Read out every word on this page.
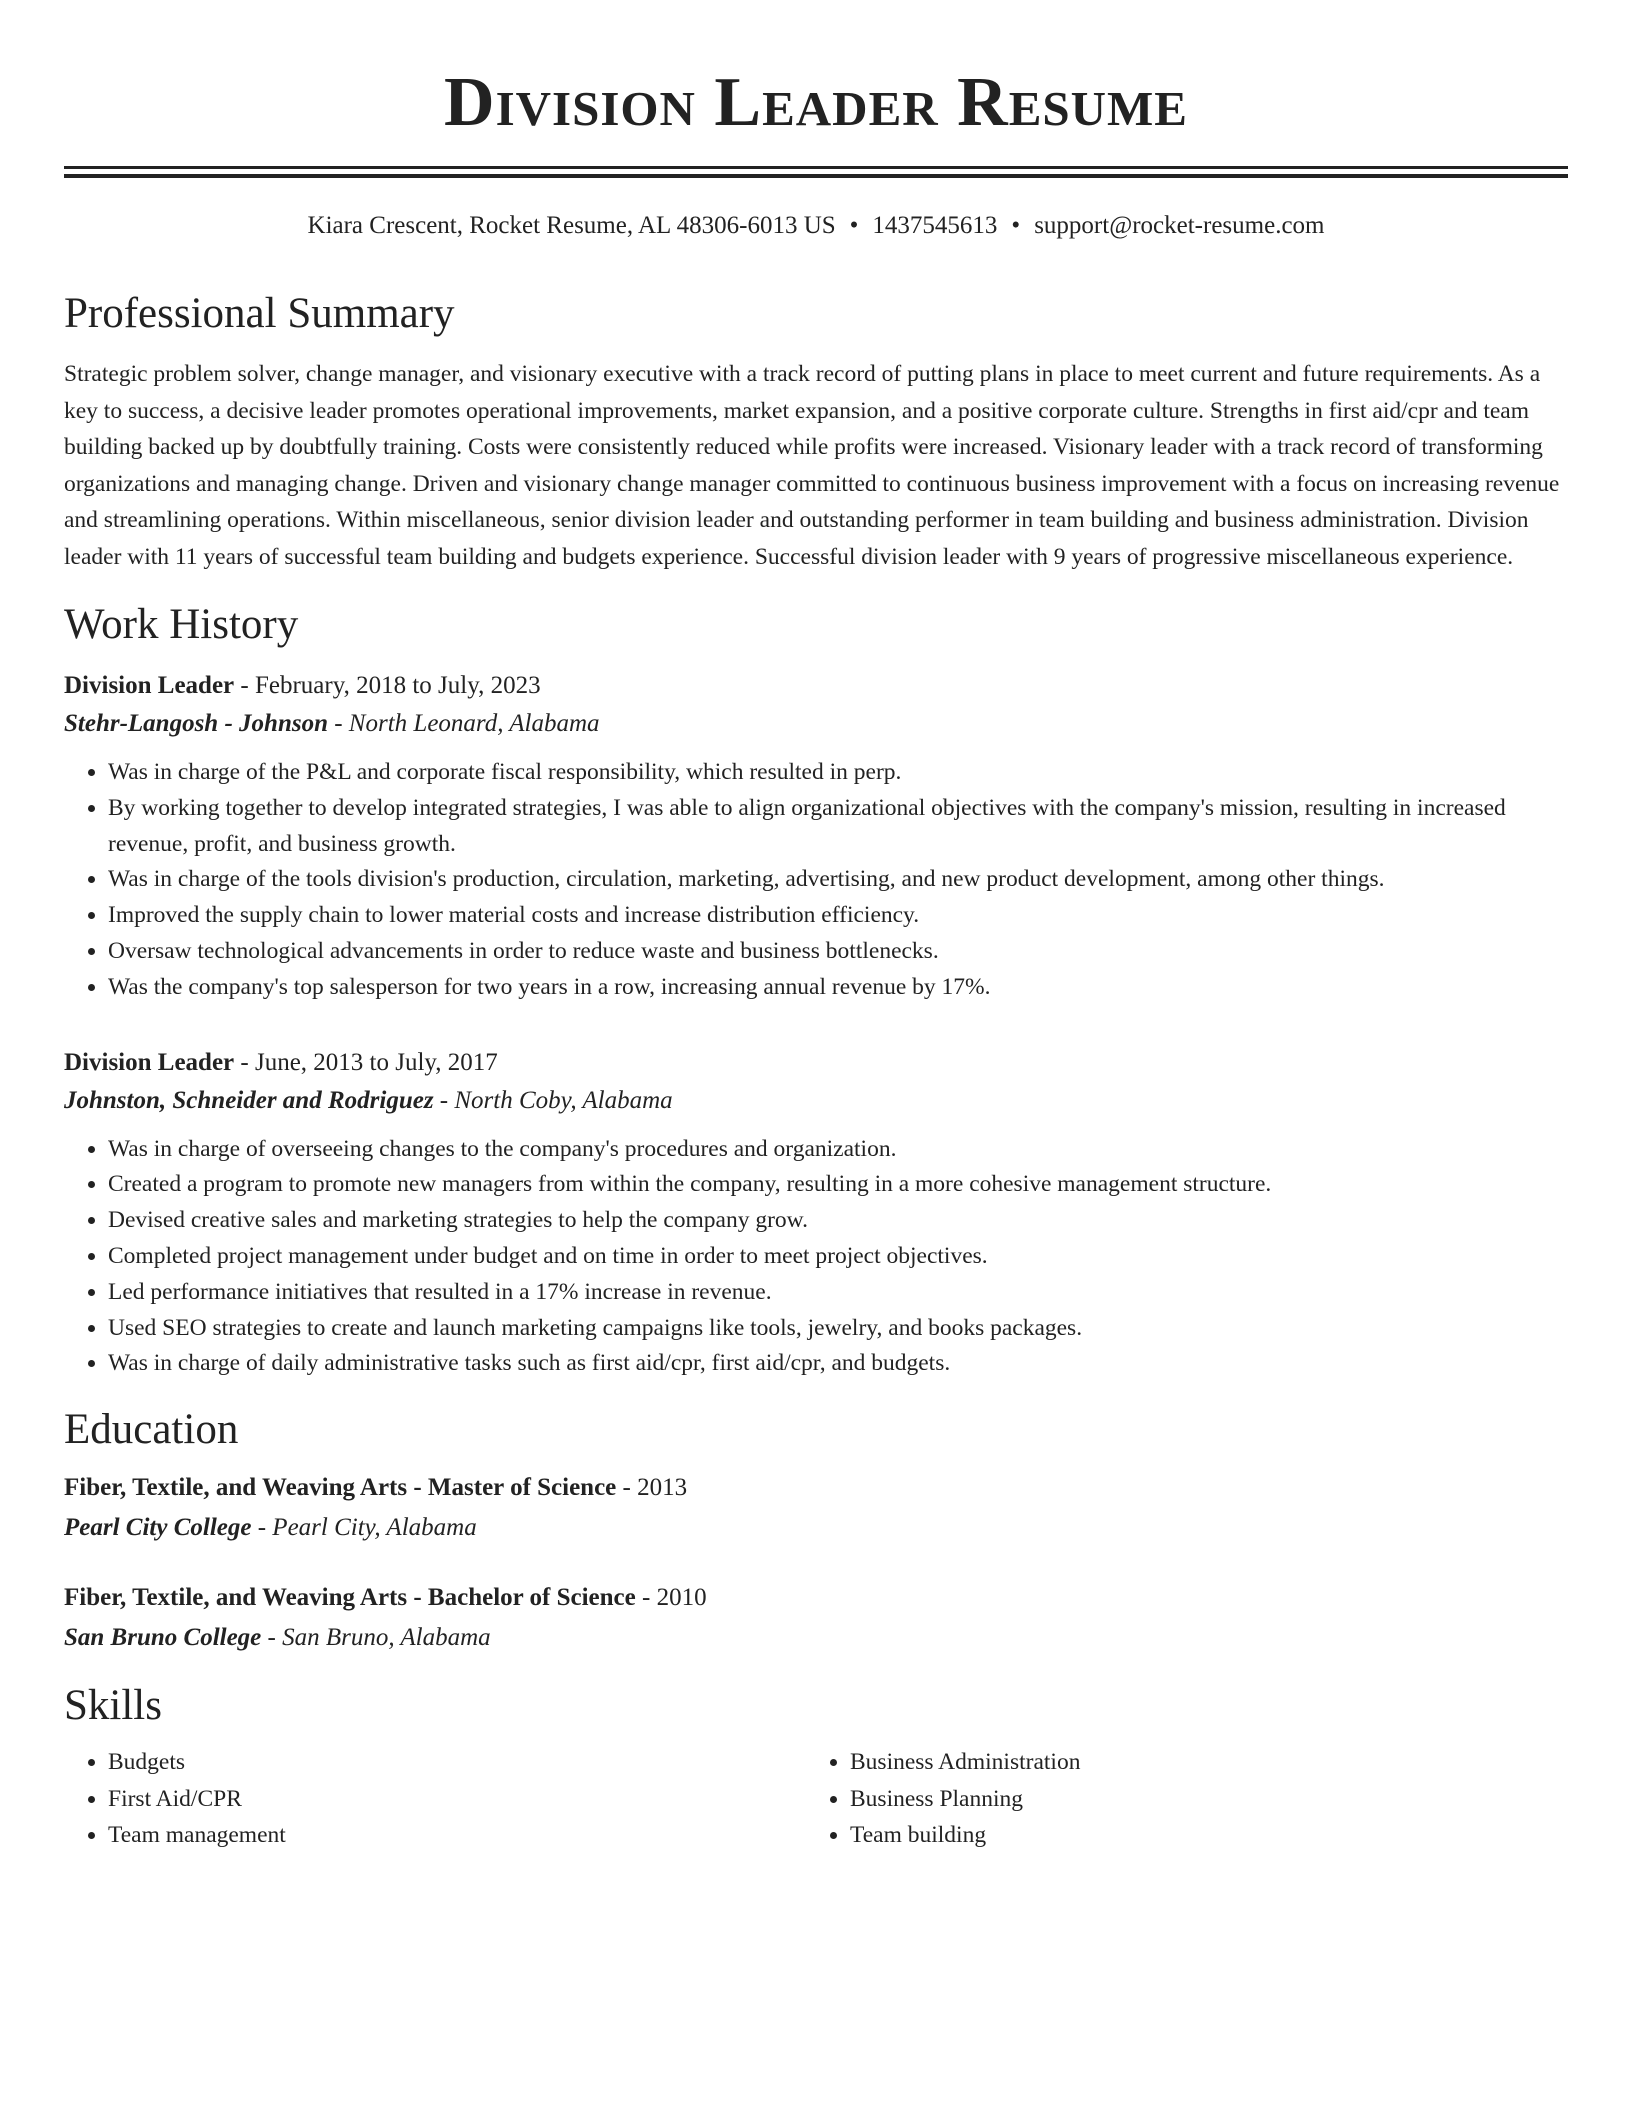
Division Leader Resume
Kiara Crescent, Rocket Resume, AL 48306-6013 US • 1437545613 • support@rocket-resume.com
Professional Summary
Strategic problem solver, change manager, and visionary executive with a track record of putting plans in place to meet current and future requirements. As a key to success, a decisive leader promotes operational improvements, market expansion, and a positive corporate culture. Strengths in first aid/cpr and team building backed up by doubtfully training. Costs were consistently reduced while profits were increased. Visionary leader with a track record of transforming organizations and managing change. Driven and visionary change manager committed to continuous business improvement with a focus on increasing revenue and streamlining operations. Within miscellaneous, senior division leader and outstanding performer in team building and business administration. Division leader with 11 years of successful team building and budgets experience. Successful division leader with 9 years of progressive miscellaneous experience.
Work History
Division Leader - February, 2018 to July, 2023
Stehr-Langosh - Johnson - North Leonard, Alabama
• Was in charge of the P&L and corporate fiscal responsibility, which resulted in perp.
• By working together to develop integrated strategies, I was able to align organizational objectives with the company's mission, resulting in increased revenue, profit, and business growth.
• Was in charge of the tools division's production, circulation, marketing, advertising, and new product development, among other things.
• Improved the supply chain to lower material costs and increase distribution efficiency.
• Oversaw technological advancements in order to reduce waste and business bottlenecks.
• Was the company's top salesperson for two years in a row, increasing annual revenue by 17%.
Division Leader - June, 2013 to July, 2017
Johnston, Schneider and Rodriguez - North Coby, Alabama
• Was in charge of overseeing changes to the company's procedures and organization.
• Created a program to promote new managers from within the company, resulting in a more cohesive management structure.
• Devised creative sales and marketing strategies to help the company grow.
• Completed project management under budget and on time in order to meet project objectives.
• Led performance initiatives that resulted in a 17% increase in revenue.
• Used SEO strategies to create and launch marketing campaigns like tools, jewelry, and books packages.
• Was in charge of daily administrative tasks such as first aid/cpr, first aid/cpr, and budgets.
Education
Fiber, Textile, and Weaving Arts - Master of Science - 2013
Pearl City College - Pearl City, Alabama
Fiber, Textile, and Weaving Arts - Bachelor of Science - 2010
San Bruno College - San Bruno, Alabama
Skills
• Budgets
• First Aid/CPR
• Team management
• Business Administration
• Business Planning
• Team building
